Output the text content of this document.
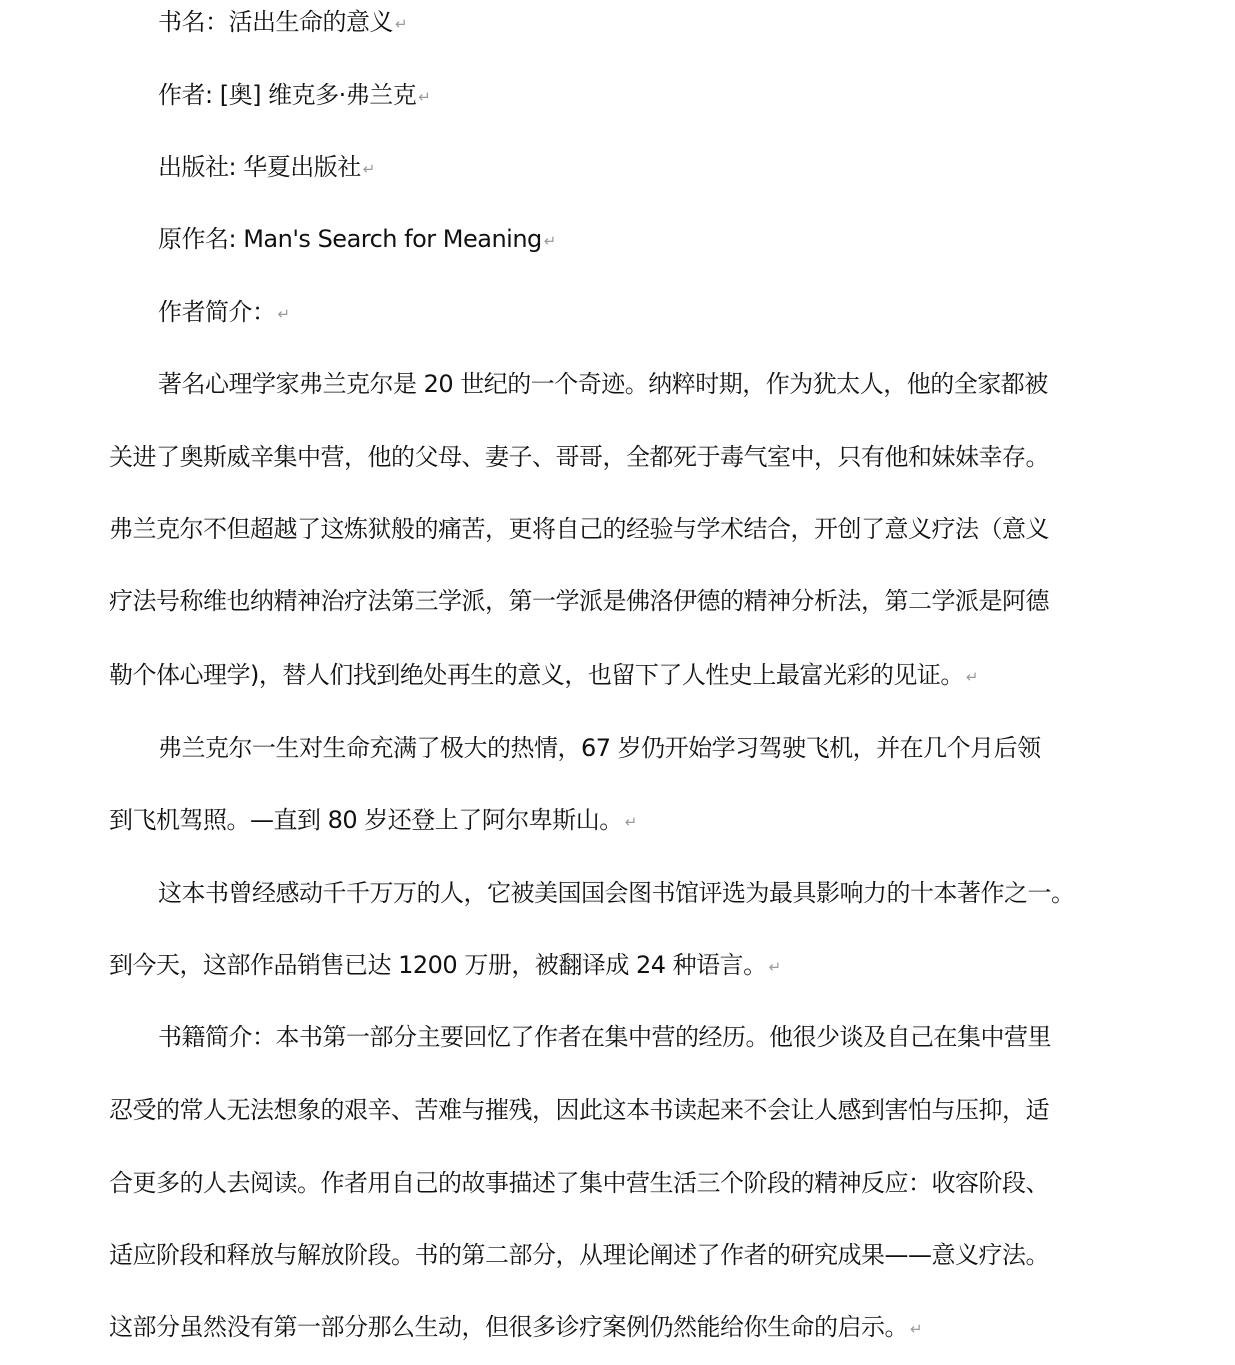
书名：活出生命的意义 ↵
作者: [奥] 维克多·弗兰克 ↵
出版社: 华夏出版社 ↵
原作名: Man's Search for Meaning ↵
作者简介： ↵
著名心理学家弗兰克尔是 20 世纪的一个奇迹。纳粹时期，作为犹太人，他的全家都被
关进了奥斯威辛集中营，他的父母、妻子、哥哥，全都死于毒气室中，只有他和妹妹幸存。
弗兰克尔不但超越了这炼狱般的痛苦，更将自己的经验与学术结合，开创了意义疗法（意义
疗法号称维也纳精神治疗法第三学派，第一学派是佛洛伊德的精神分析法，第二学派是阿德
勒个体心理学)，替人们找到绝处再生的意义，也留下了人性史上最富光彩的见证。 ↵
弗兰克尔一生对生命充满了极大的热情，67 岁仍开始学习驾驶飞机，并在几个月后领
到飞机驾照。—直到 80 岁还登上了阿尔卑斯山。 ↵
这本书曾经感动千千万万的人，它被美国国会图书馆评选为最具影响力的十本著作之一。
到今天，这部作品销售已达 1200 万册，被翻译成 24 种语言。 ↵
书籍简介：本书第一部分主要回忆了作者在集中营的经历。他很少谈及自己在集中营里
忍受的常人无法想象的艰辛、苦难与摧残，因此这本书读起来不会让人感到害怕与压抑，适
合更多的人去阅读。作者用自己的故事描述了集中营生活三个阶段的精神反应：收容阶段、
适应阶段和释放与解放阶段。书的第二部分，从理论阐述了作者的研究成果——意义疗法。
这部分虽然没有第一部分那么生动，但很多诊疗案例仍然能给你生命的启示。 ↵
